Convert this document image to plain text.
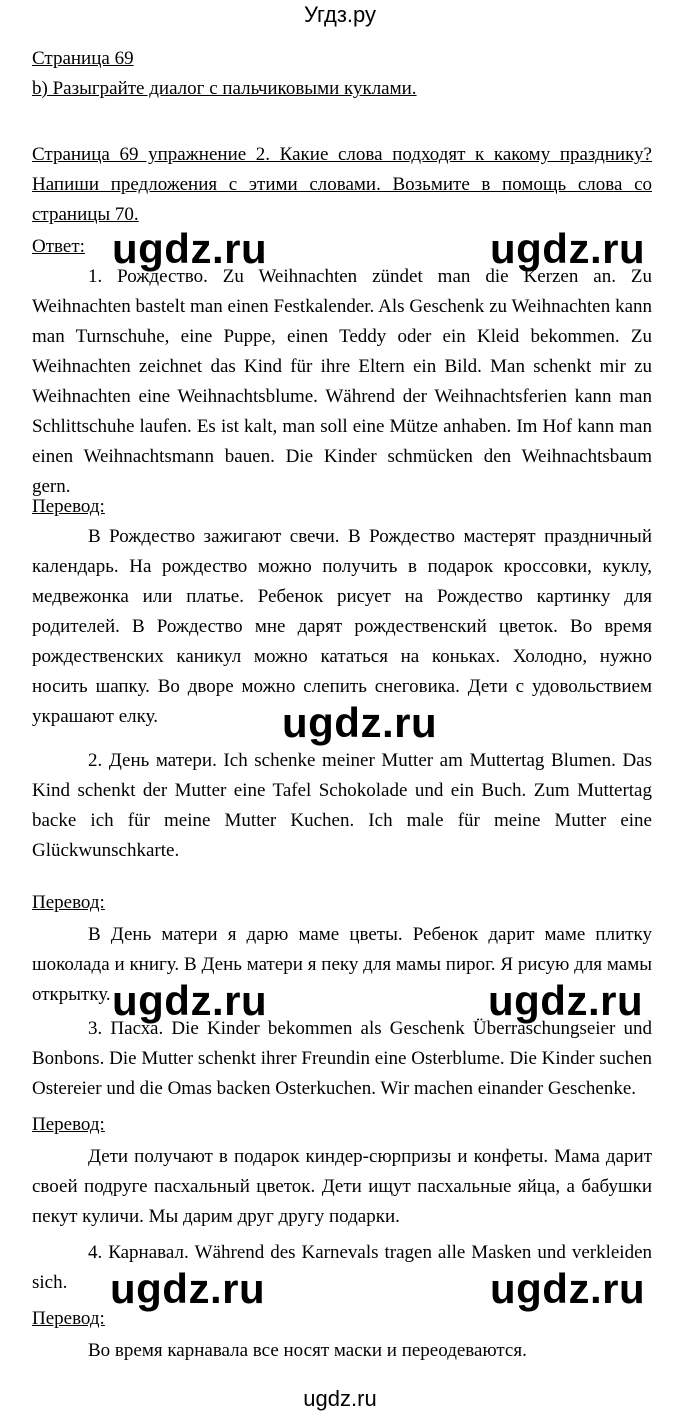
Угдз.ру
Страница 69
b) Разыграйте диалог с пальчиковыми куклами.
Страница 69 упражнение 2. Какие слова подходят к какому празднику? Напиши предложения с этими словами. Возьмите в помощь слова со страницы 70.
Ответ:
1. Рождество. Zu Weihnachten zündet man die Kerzen an. Zu Weihnachten bastelt man einen Festkalender. Als Geschenk zu Weihnachten kann man Turnschuhe, eine Puppe, einen Teddy oder ein Kleid bekommen. Zu Weihnachten zeichnet das Kind für ihre Eltern ein Bild. Man schenkt mir zu Weihnachten eine Weihnachtsblume. Während der Weihnachtsferien kann man Schlittschuhe laufen. Es ist kalt, man soll eine Mütze anhaben. Im Hof kann man einen Weihnachtsmann bauen. Die Kinder schmücken den Weihnachtsbaum gern.
Перевод:
В Рождество зажигают свечи. В Рождество мастерят праздничный календарь. На рождество можно получить в подарок кроссовки, куклу, медвежонка или платье. Ребенок рисует на Рождество картинку для родителей. В Рождество мне дарят рождественский цветок. Во время рождественских каникул можно кататься на коньках. Холодно, нужно носить шапку. Во дворе можно слепить снеговика. Дети с удовольствием украшают елку.
2. День матери. Ich schenke meiner Mutter am Muttertag Blumen. Das Kind schenkt der Mutter eine Tafel Schokolade und ein Buch. Zum Muttertag backe ich für meine Mutter Kuchen. Ich male für meine Mutter eine Glückwunschkarte.
Перевод:
В День матери я дарю маме цветы. Ребенок дарит маме плитку шоколада и книгу. В День матери я пеку для мамы пирог. Я рисую для мамы открытку.
3. Пасха. Die Kinder bekommen als Geschenk Überraschungseier und Bonbons. Die Mutter schenkt ihrer Freundin eine Osterblume. Die Kinder suchen Ostereier und die Omas backen Osterkuchen. Wir machen einander Geschenke.
Перевод:
Дети получают в подарок киндер-сюрпризы и конфеты. Мама дарит своей подруге пасхальный цветок. Дети ищут пасхальные яйца, а бабушки пекут куличи. Мы дарим друг другу подарки.
4. Карнавал. Während des Karnevals tragen alle Masken und verkleiden sich.
Перевод:
Во время карнавала все носят маски и переодеваются.
ugdz.ru	ugdz.ru
ugdz.ru
ugdz.ru	ugdz.ru
ugdz.ru	ugdz.ru
ugdz.ru
